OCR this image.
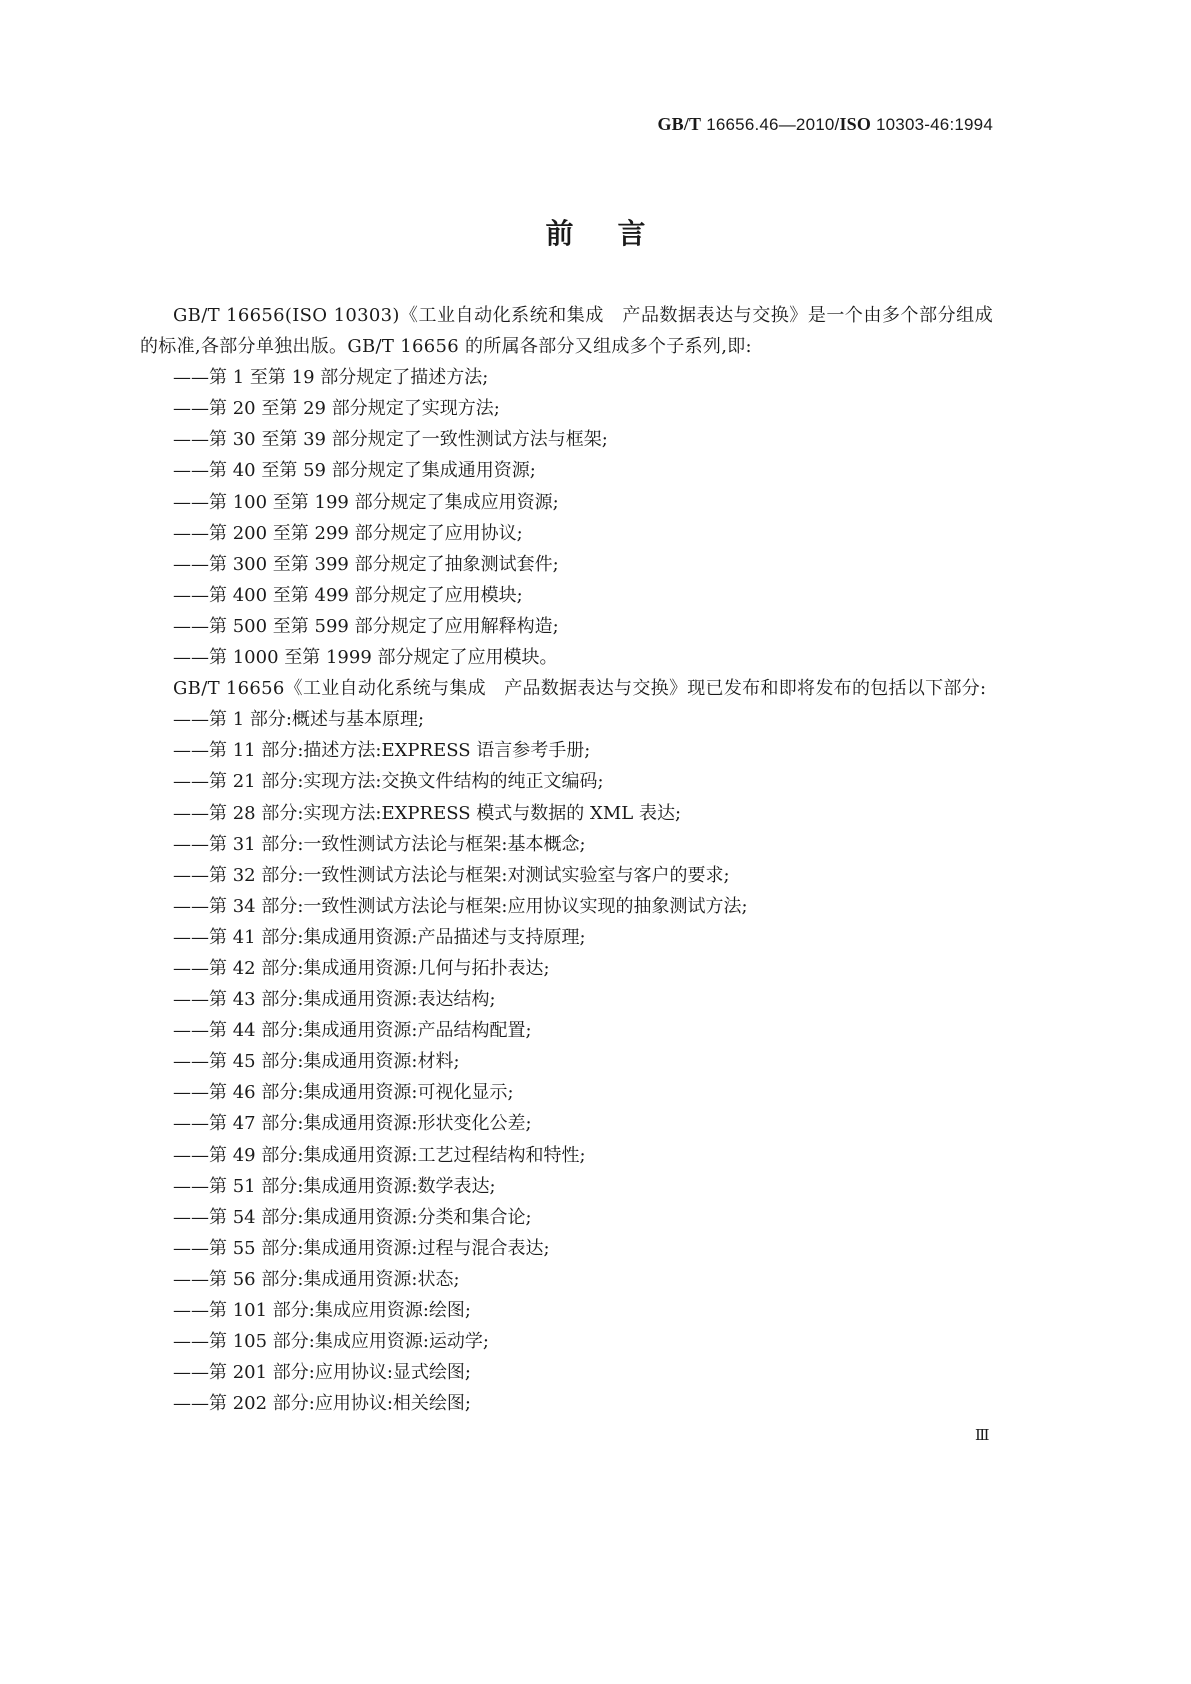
GB/T 16656.46—2010/ISO 10303-46:1994
前言

GB/T 16656(ISO 10303)《工业自动化系统和集成　产品数据表达与交换》是一个由多个部分组成的标准,各部分单独出版。GB/T 16656 的所属各部分又组成多个子系列,即:

——第 1 至第 19 部分规定了描述方法;

——第 20 至第 29 部分规定了实现方法;

——第 30 至第 39 部分规定了一致性测试方法与框架;

——第 40 至第 59 部分规定了集成通用资源;

——第 100 至第 199 部分规定了集成应用资源;

——第 200 至第 299 部分规定了应用协议;

——第 300 至第 399 部分规定了抽象测试套件;

——第 400 至第 499 部分规定了应用模块;

——第 500 至第 599 部分规定了应用解释构造;

——第 1000 至第 1999 部分规定了应用模块。

GB/T 16656《工业自动化系统与集成　产品数据表达与交换》现已发布和即将发布的包括以下部分:

——第 1 部分:概述与基本原理;

——第 11 部分:描述方法:EXPRESS 语言参考手册;

——第 21 部分:实现方法:交换文件结构的纯正文编码;

——第 28 部分:实现方法:EXPRESS 模式与数据的 XML 表达;

——第 31 部分:一致性测试方法论与框架:基本概念;

——第 32 部分:一致性测试方法论与框架:对测试实验室与客户的要求;

——第 34 部分:一致性测试方法论与框架:应用协议实现的抽象测试方法;

——第 41 部分:集成通用资源:产品描述与支持原理;

——第 42 部分:集成通用资源:几何与拓扑表达;

——第 43 部分:集成通用资源:表达结构;

——第 44 部分:集成通用资源:产品结构配置;

——第 45 部分:集成通用资源:材料;

——第 46 部分:集成通用资源:可视化显示;

——第 47 部分:集成通用资源:形状变化公差;

——第 49 部分:集成通用资源:工艺过程结构和特性;

——第 51 部分:集成通用资源:数学表达;

——第 54 部分:集成通用资源:分类和集合论;

——第 55 部分:集成通用资源:过程与混合表达;

——第 56 部分:集成通用资源:状态;

——第 101 部分:集成应用资源:绘图;

——第 105 部分:集成应用资源:运动学;

——第 201 部分:应用协议:显式绘图;

——第 202 部分:应用协议:相关绘图;

Ⅲ
